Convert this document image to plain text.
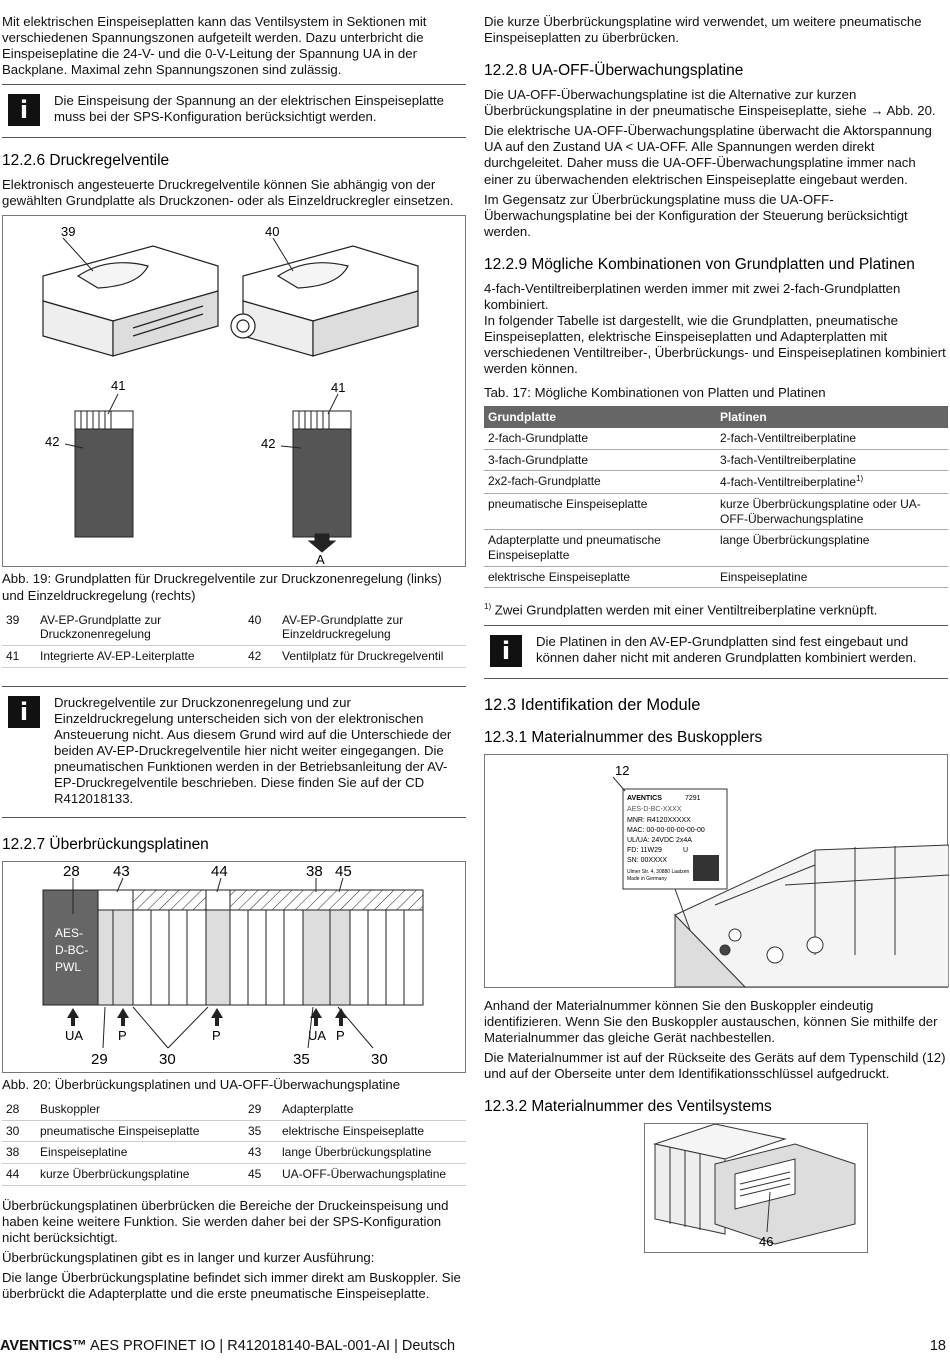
Mit elektrischen Einspeiseplatten kann das Ventilsystem in Sektionen mit verschiedenen Spannungszonen aufgeteilt werden. Dazu unterbricht die Einspeiseplatine die 24-V- und die 0-V-Leitung der Spannung UA in der Backplane. Maximal zehn Spannungszonen sind zulässig.

i	Die Einspeisung der Spannung an der elektrischen Einspeiseplatte muss bei der SPS-Konfiguration berücksichtigt werden.
12.2.6 Druckregelventile

Elektronisch angesteuerte Druckregelventile können Sie abhängig von der gewählten Grundplatte als Druckzonen- oder als Einzeldruckregler einsetzen.

39	40
41	41
42	42
A

Abb. 19: Grundplatten für Druckregelventile zur Druckzonenregelung (links) und Einzeldruckregelung (rechts)

39	AV-EP-Grundplatte zur Druckzonenregelung	40	AV-EP-Grundplatte zur Einzeldruckregelung
41	Integrierte AV-EP-Leiterplatte	42	Ventilplatz für Druckregelventil
i	Druckregelventile zur Druckzonenregelung und zur Einzeldruckregelung unterscheiden sich von der elektronischen Ansteuerung nicht. Aus diesem Grund wird auf die Unterschiede der beiden AV-EP-Druckregelventile hier nicht weiter eingegangen. Die pneumatischen Funktionen werden in der Betriebsanleitung der AV-EP-Druckregelventile beschrieben. Diese finden Sie auf der CD R412018133.
12.2.7 Überbrückungsplatinen
AES-
D-BC-
PWL
28 43	44	38 45
UA	P	P	UA P
29	30	35	30

Abb. 20: Überbrückungsplatinen und UA-OFF-Überwachungsplatine

28	Buskoppler	29	Adapterplatte
30	pneumatische Einspeiseplatte	35	elektrische Einspeiseplatte
38	Einspeiseplatine	43	lange Überbrückungsplatine
44	kurze Überbrückungsplatine	45	UA-OFF-Überwachungsplatine

Überbrückungsplatinen überbrücken die Bereiche der Druckeinspeisung und haben keine weitere Funktion. Sie werden daher bei der SPS-Konfiguration nicht berücksichtigt.

Überbrückungsplatinen gibt es in langer und kurzer Ausführung:

Die lange Überbrückungsplatine befindet sich immer direkt am Buskoppler. Sie überbrückt die Adapterplatte und die erste pneumatische Einspeiseplatte.

Die kurze Überbrückungsplatine wird verwendet, um weitere pneumatische Einspeiseplatten zu überbrücken.

12.2.8 UA-OFF-Überwachungsplatine

Die UA-OFF-Überwachungsplatine ist die Alternative zur kurzen Überbrückungsplatine in der pneumatische Einspeiseplatte, siehe → Abb. 20.

Die elektrische UA-OFF-Überwachungsplatine überwacht die Aktorspannung UA auf den Zustand UA < UA-OFF. Alle Spannungen werden direkt durchgeleitet. Daher muss die UA-OFF-Überwachungsplatine immer nach einer zu überwachenden elektrischen Einspeiseplatte eingebaut werden.

Im Gegensatz zur Überbrückungsplatine muss die UA-OFF-Überwachungsplatine bei der Konfiguration der Steuerung berücksichtigt werden.

12.2.9 Mögliche Kombinationen von Grundplatten und Platinen

4-fach-Ventiltreiberplatinen werden immer mit zwei 2-fach-Grundplatten kombiniert.

In folgender Tabelle ist dargestellt, wie die Grundplatten, pneumatische Einspeiseplatten, elektrische Einspeiseplatten und Adapterplatten mit verschiedenen Ventiltreiber-, Überbrückungs- und Einspeiseplatinen kombiniert werden können.

Tab. 17: Mögliche Kombinationen von Platten und Platinen

Grundplatte	Platinen
2-fach-Grundplatte	2-fach-Ventiltreiberplatine
3-fach-Grundplatte	3-fach-Ventiltreiberplatine
2x2-fach-Grundplatte	4-fach-Ventiltreiberplatine$^{1)}$
pneumatische Einspeiseplatte	kurze Überbrückungsplatine oder UA-OFF-Überwachungsplatine
Adapterplatte und pneumatische Einspeiseplatte	lange Überbrückungsplatine
elektrische Einspeiseplatte	Einspeiseplatine

$^{1)}$ Zwei Grundplatten werden mit einer Ventiltreiberplatine verknüpft.

i	Die Platinen in den AV-EP-Grundplatten sind fest eingebaut und können daher nicht mit anderen Grundplatten kombiniert werden.
12.3 Identifikation der Module
12.3.1 Materialnummer des Buskopplers
12
AVENTICS	7291
AES-D-BC-XXXX
MNR: R4120XXXXX
MAC: 00-00-00-00-00-00
UL/UA: 24VDC 2x4A
FD: 11W29	U
SN: 00XXXX
Ulmer Str. 4, 30880 Laatzen
Made in Germany

Anhand der Materialnummer können Sie den Buskoppler eindeutig identifizieren. Wenn Sie den Buskoppler austauschen, können Sie mithilfe der Materialnummer das gleiche Gerät nachbestellen.

Die Materialnummer ist auf der Rückseite des Geräts auf dem Typenschild (12) und auf der Oberseite unter dem Identifikationsschlüssel aufgedruckt.

12.3.2 Materialnummer des Ventilsystems
46
AVENTICS™ AES PROFINET IO | R412018140-BAL-001-AI | Deutsch	18
